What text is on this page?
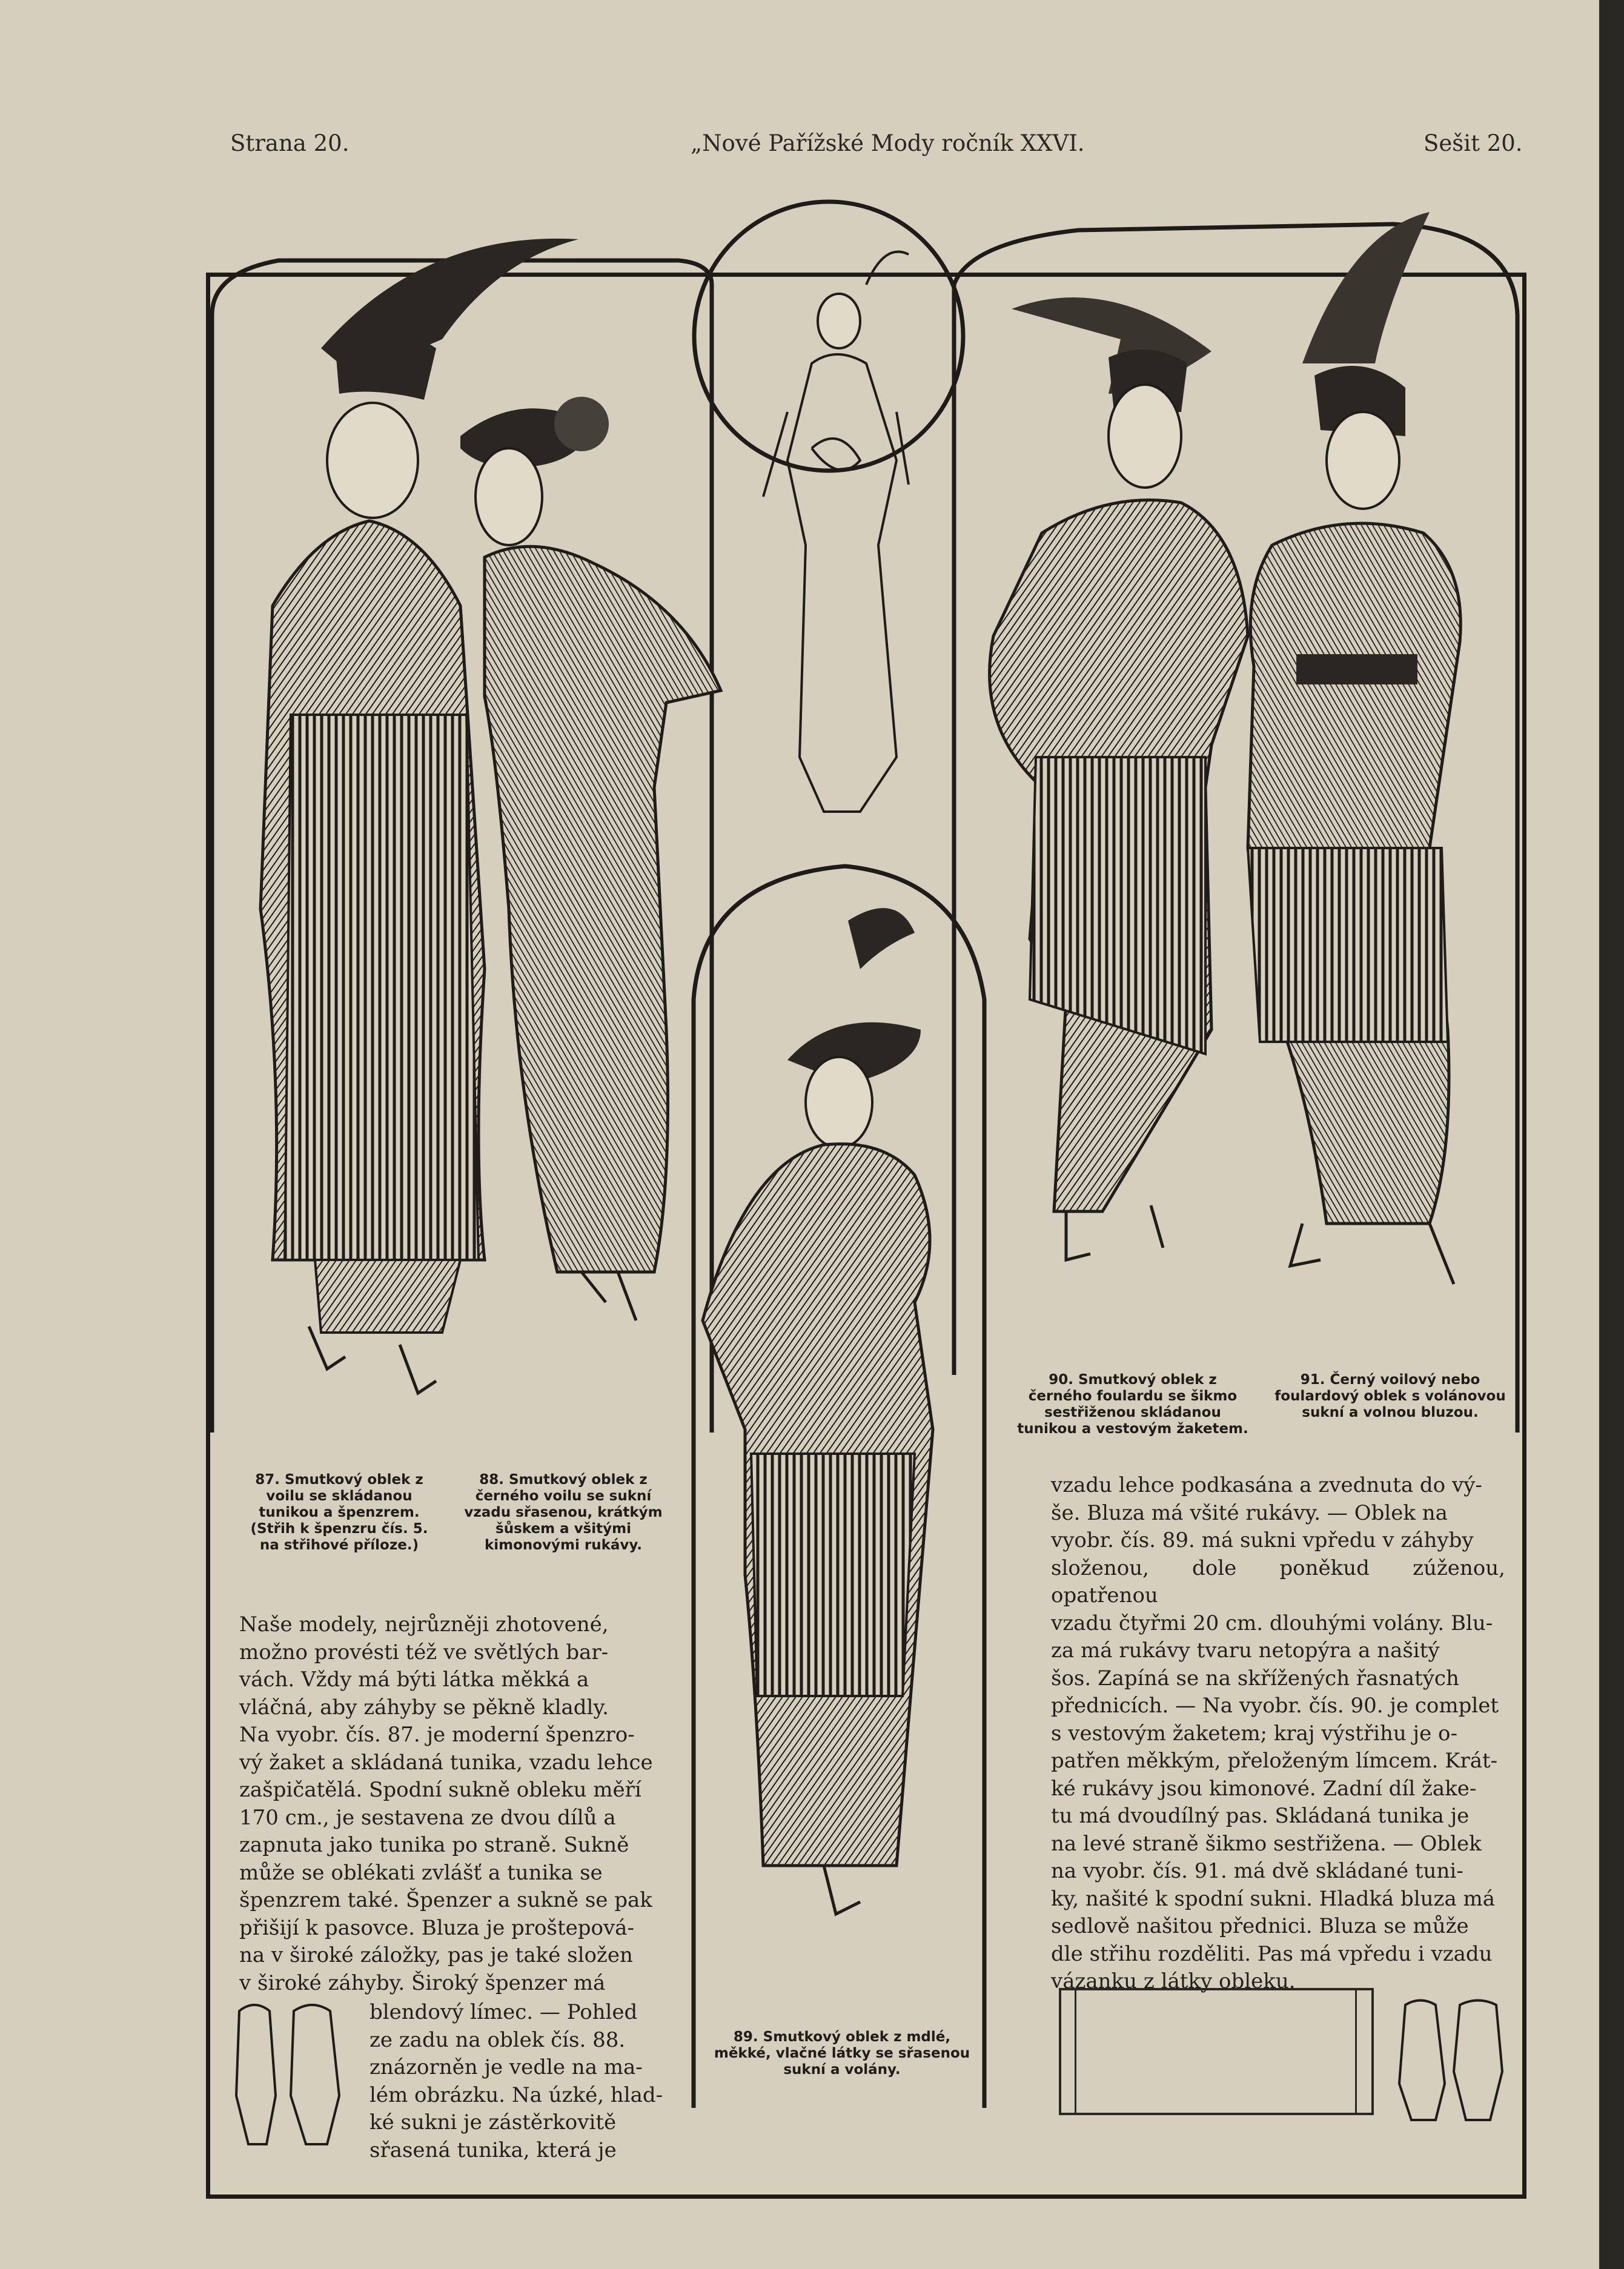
Strana 20.	„Nové Pařížské Mody ročník XXVI.	Sešit 20.
87. Smutkový oblek z voilu se skládanou tunikou a špenzrem. (Střih k špenzru čís. 5. na střihové příloze.)
88. Smutkový oblek z černého voilu se sukní vzadu sřasenou, krátkým šůskem a všitými kimonovými rukávy.
89. Smutkový oblek z mdlé, měkké, vlačné látky se sřasenou sukní a volány.
90. Smutkový oblek z černého foulardu se šikmo sestřiženou skládanou tunikou a vestovým žaketem.
91. Černý voilový nebo foulardový oblek s volánovou sukní a volnou bluzou.

Naše modely, nejrůzněji zhotovené,
možno provésti též ve světlých bar-
vách. Vždy má býti látka měkká a
vláčná, aby záhyby se pěkně kladly.
Na vyobr. čís. 87. je moderní špenzro-
vý žaket a skládaná tunika, vzadu lehce
zašpičatělá. Spodní sukně obleku měří
170 cm., je sestavena ze dvou dílů a
zapnuta jako tunika po straně. Sukně
může se oblékati zvlášť a tunika se
špenzrem také. Špenzer a sukně se pak
přišijí k pasovce. Bluza je proštepová-
na v široké záložky, pas je také složen
v široké záhyby. Široký špenzer má

blendový límec. — Pohled
ze zadu na oblek čís. 88.
znázorněn je vedle na ma-
lém obrázku. Na úzké, hlad-
ké sukni je zástěrkovitě
sřasená tunika, která je

vzadu lehce podkasána a zvednuta do vý-
še. Bluza má všité rukávy. — Oblek na
vyobr. čís. 89. má sukni vpředu v záhyby
složenou, dole poněkud zúženou, opatřenou
vzadu čtyřmi 20 cm. dlouhými volány. Blu-
za má rukávy tvaru netopýra a našitý
šos. Zapíná se na skřížených řasnatých
přednicích. — Na vyobr. čís. 90. je complet
s vestovým žaketem; kraj výstřihu je o-
patřen měkkým, přeloženým límcem. Krát-
ké rukávy jsou kimonové. Zadní díl žake-
tu má dvoudílný pas. Skládaná tunika je
na levé straně šikmo sestřižena. — Oblek
na vyobr. čís. 91. má dvě skládané tuni-
ky, našité k spodní sukni. Hladká bluza má
sedlově našitou přednici. Bluza se může
dle střihu rozděliti. Pas má vpředu i vzadu
vázanku z látky obleku.
